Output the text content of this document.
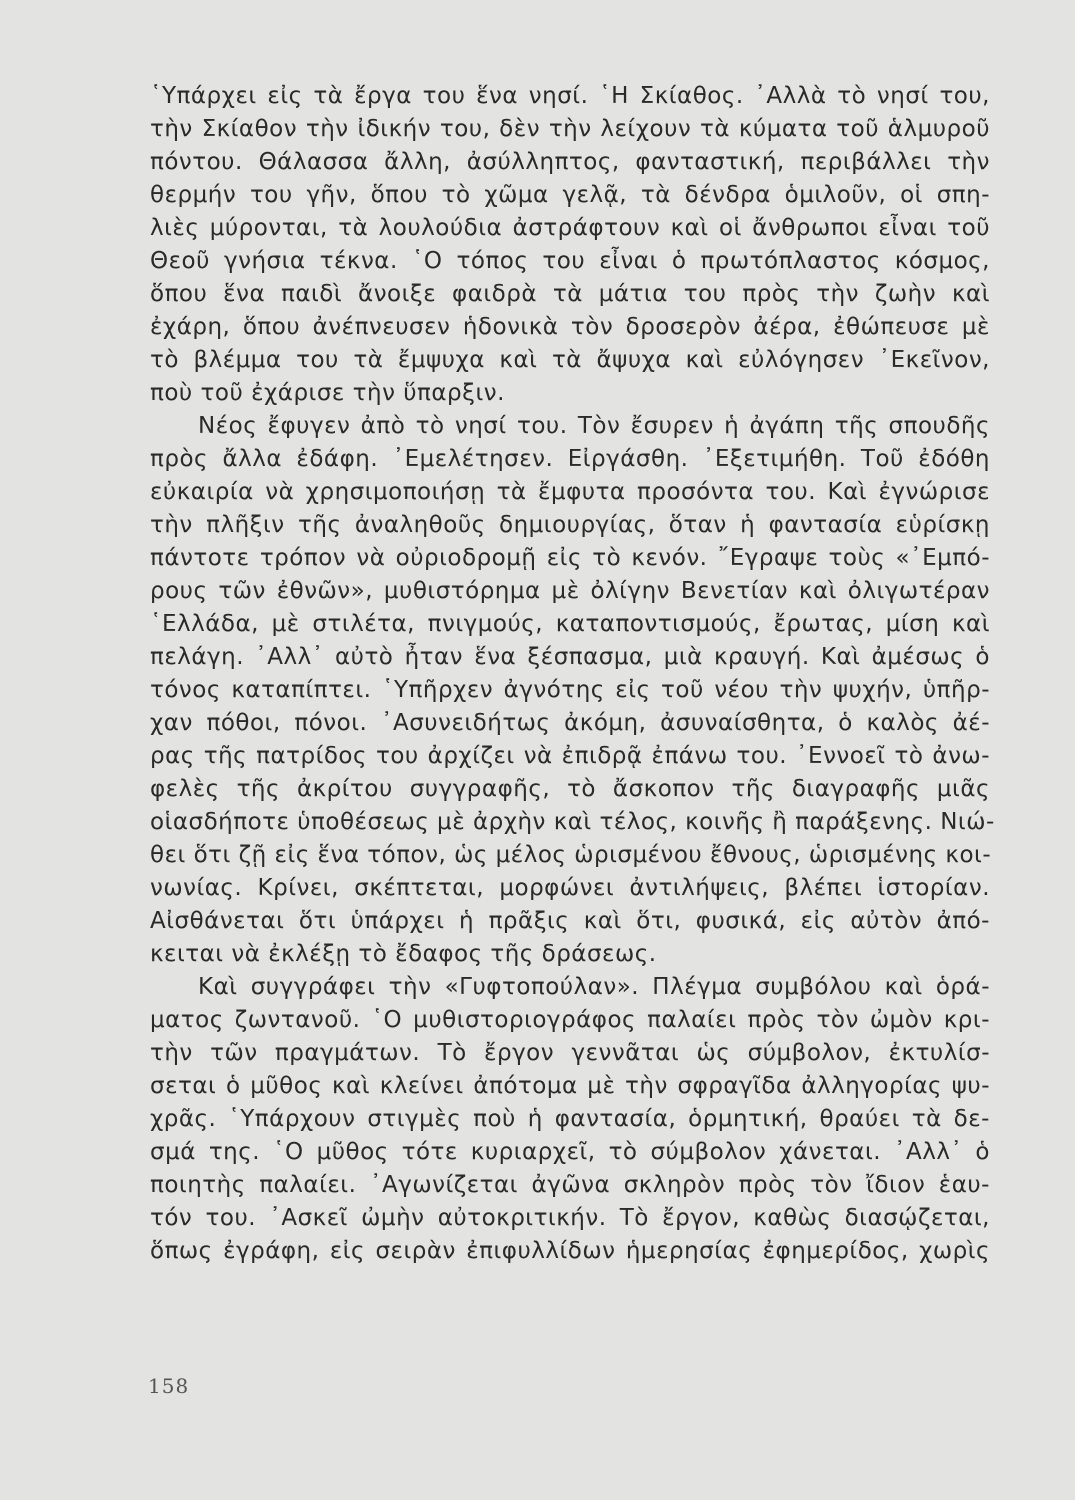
῾Υπάρχει εἰς τὰ ἔργα του ἕνα νησί. ῾Η Σκίαθος. ᾿Αλλὰ τὸ νησί του,
τὴν Σκίαθον τὴν ἰδικήν του, δὲν τὴν λείχουν τὰ κύματα τοῦ ἁλμυροῦ
πόντου. Θάλασσα ἄλλη, ἀσύλληπτος, φανταστική, περιβάλλει τὴν
θερμήν του γῆν, ὅπου τὸ χῶμα γελᾷ, τὰ δένδρα ὁμιλοῦν, οἱ σπη-
λιὲς μύρονται, τὰ λουλούδια ἀστράφτουν καὶ οἱ ἄνθρωποι εἶναι τοῦ
Θεοῦ γνήσια τέκνα. ῾Ο τόπος του εἶναι ὁ πρωτόπλαστος κόσμος,
ὅπου ἕνα παιδὶ ἄνοιξε φαιδρὰ τὰ μάτια του πρὸς τὴν ζωὴν καὶ
ἐχάρη, ὅπου ἀνέπνευσεν ἡδονικὰ τὸν δροσερὸν ἀέρα, ἐθώπευσε μὲ
τὸ βλέμμα του τὰ ἔμψυχα καὶ τὰ ἄψυχα καὶ εὐλόγησεν ᾿Εκεῖνον,
ποὺ τοῦ ἐχάρισε τὴν ὕπαρξιν.
Νέος ἔφυγεν ἀπὸ τὸ νησί του. Τὸν ἔσυρεν ἡ ἀγάπη τῆς σπουδῆς
πρὸς ἄλλα ἐδάφη. ᾿Εμελέτησεν. Εἰργάσθη. ᾿Εξετιμήθη. Τοῦ ἐδόθη
εὐκαιρία νὰ χρησιμοποιήσῃ τὰ ἔμφυτα προσόντα του. Καὶ ἐγνώρισε
τὴν πλῆξιν τῆς ἀναληθοῦς δημιουργίας, ὅταν ἡ φαντασία εὑρίσκῃ
πάντοτε τρόπον νὰ οὐριοδρομῇ εἰς τὸ κενόν. ῎Εγραψε τοὺς «᾿Εμπό-
ρους τῶν ἐθνῶν», μυθιστόρημα μὲ ὀλίγην Βενετίαν καὶ ὀλιγωτέραν
῾Ελλάδα, μὲ στιλέτα, πνιγμούς, καταποντισμούς, ἔρωτας, μίση καὶ
πελάγη. ᾿Αλλ᾿ αὐτὸ ἦταν ἕνα ξέσπασμα, μιὰ κραυγή. Καὶ ἀμέσως ὁ
τόνος καταπίπτει. ῾Υπῆρχεν ἀγνότης εἰς τοῦ νέου τὴν ψυχήν, ὑπῆρ-
χαν πόθοι, πόνοι. ᾿Ασυνειδήτως ἀκόμη, ἀσυναίσθητα, ὁ καλὸς ἀέ-
ρας τῆς πατρίδος του ἀρχίζει νὰ ἐπιδρᾷ ἐπάνω του. ᾿Εννοεῖ τὸ ἀνω-
φελὲς τῆς ἀκρίτου συγγραφῆς, τὸ ἄσκοπον τῆς διαγραφῆς μιᾶς
οἱασδήποτε ὑποθέσεως μὲ ἀρχὴν καὶ τέλος, κοινῆς ἢ παράξενης. Νιώ-
θει ὅτι ζῇ εἰς ἕνα τόπον, ὡς μέλος ὡρισμένου ἔθνους, ὡρισμένης κοι-
νωνίας. Κρίνει, σκέπτεται, μορφώνει ἀντιλήψεις, βλέπει ἱστορίαν.
Αἰσθάνεται ὅτι ὑπάρχει ἡ πρᾶξις καὶ ὅτι, φυσικά, εἰς αὐτὸν ἀπό-
κειται νὰ ἐκλέξῃ τὸ ἔδαφος τῆς δράσεως.
Καὶ συγγράφει τὴν «Γυφτοπούλαν». Πλέγμα συμβόλου καὶ ὁρά-
ματος ζωντανοῦ. ῾Ο μυθιστοριογράφος παλαίει πρὸς τὸν ὠμὸν κρι-
τὴν τῶν πραγμάτων. Τὸ ἔργον γεννᾶται ὡς σύμβολον, ἐκτυλίσ-
σεται ὁ μῦθος καὶ κλείνει ἀπότομα μὲ τὴν σφραγῖδα ἀλληγορίας ψυ-
χρᾶς. ῾Υπάρχουν στιγμὲς ποὺ ἡ φαντασία, ὁρμητική, θραύει τὰ δε-
σμά της. ῾Ο μῦθος τότε κυριαρχεῖ, τὸ σύμβολον χάνεται. ᾿Αλλ᾿ ὁ
ποιητὴς παλαίει. ᾿Αγωνίζεται ἀγῶνα σκληρὸν πρὸς τὸν ἴδιον ἑαυ-
τόν του. ᾿Ασκεῖ ὠμὴν αὐτοκριτικήν. Τὸ ἔργον, καθὼς διασῴζεται,
ὅπως ἐγράφη, εἰς σειρὰν ἐπιφυλλίδων ἡμερησίας ἐφημερίδος, χωρὶς
158
